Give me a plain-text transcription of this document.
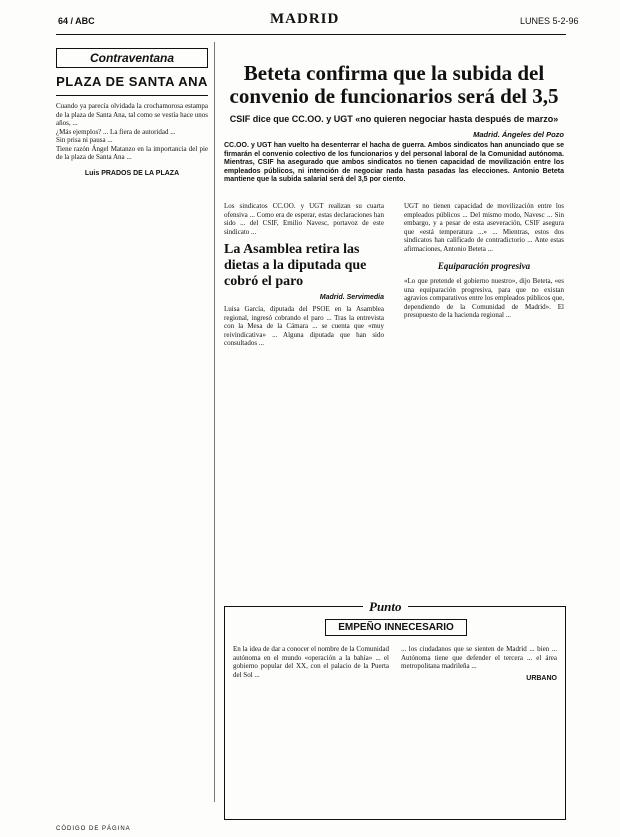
64 / ABC	MADRID	LUNES 5-2-96
Contraventana
PLAZA DE SANTA ANA

Cuando ya parecía olvidada la crochamorosa estampa de la plaza de Santa Ana, tal como se vestía hace unos años, ...

¿Más ejemplos? ... La fiera de autoridad ...

Sin prisa ni pausa ...

Tiene razón Ángel Matanzo en la importancia del pie de la plaza de Santa Ana ...

Luis PRADOS DE LA PLAZA
Beteta confirma que la subida del convenio de funcionarios será del 3,5
CSIF dice que CC.OO. y UGT «no quieren negociar hasta después de marzo»
Madrid. Ángeles del Pozo

CC.OO. y UGT han vuelto ha desenterrar el hacha de guerra. Ambos sindicatos han anunciado que se firmarán el convenio colectivo de los funcionarios y del personal laboral de la Comunidad autónoma. Mientras, CSIF ha asegurado que ambos sindicatos no tienen capacidad de movilización entre los empleados públicos, ni intención de negociar nada hasta pasadas las elecciones. Antonio Beteta mantiene que la subida salarial será del 3,5 por ciento.

Los sindicatos CC.OO. y UGT realizan su cuarta ofensiva ... Como era de esperar, estas declaraciones han sido ... del CSIF, Emilio Navesc, portavoz de este sindicato ...

La Asamblea retira las dietas a la diputada que cobró el paro
Madrid. Servimedia

Luisa García, diputada del PSOE en la Asamblea regional, ingresó cobrando el paro ... Tras la entrevista con la Mesa de la Cámara ... se cuenta que «muy reivindicativa» ... Alguna diputada que han sido consultados ...

UGT no tienen capacidad de movilización entre los empleados públicos ... Del mismo modo, Navesc ... Sin embargo, y a pesar de esta aseveración, CSIF asegura que «está temperatura ...» ... Mientras, estos dos sindicatos han calificado de contradictorio ... Ante estas afirmaciones, Antonio Beteta ...

Equiparación progresiva

«Lo que pretende el gobierno nuestro», dijo Beteta, «es una equiparación progresiva, para que no existan agravios comparativos entre los empleados públicos que, dependiendo de la Comunidad de Madrid». El presupuesto de la hacienda regional ...

Punto
EMPEÑO INNECESARIO

En la idea de dar a conocer el nombre de la Comunidad autónoma en el mundo «operación a la bahía» ... el gobierno popular del XX, con el palacio de la Puerta del Sol ...

... los ciudadanos que se sienten de Madrid ... bien ... Autónoma tiene que defender el tercera ... el área metropolitana madrileña ...

URBANO
CÓDIGO DE PÁGINA
